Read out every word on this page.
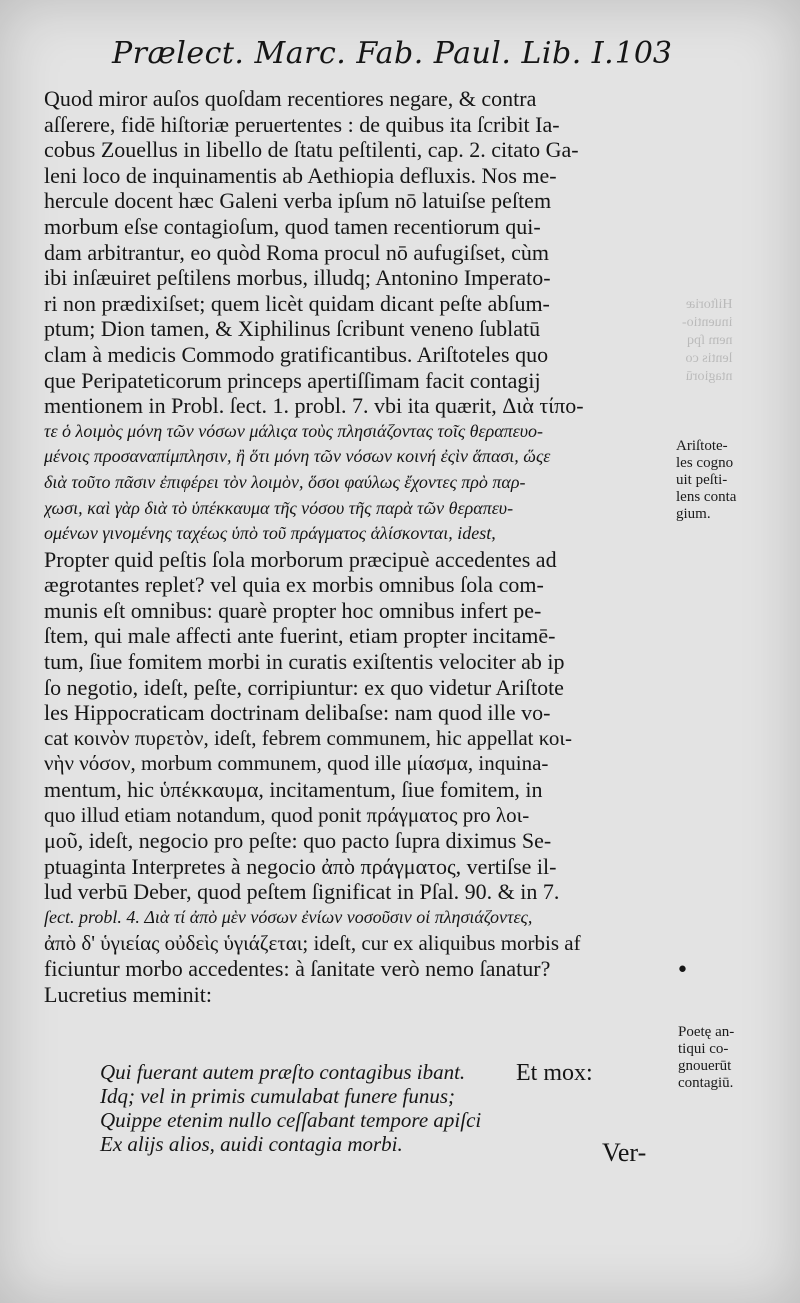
Prælect. Marc. Fab. Paul. Lib. I. 103
Quod miror auſos quoſdam recentiores negare, & contra
aſſerere, fidē hiſtoriæ peruertentes : de quibus ita ſcribit Ia-
cobus Zouellus in libello de ſtatu peſtilenti, cap. 2. citato Ga-
leni loco de inquinamentis ab Aethiopia defluxis. Nos me-
hercule docent hæc Galeni verba ipſum nō latuiſse peſtem
morbum eſse contagioſum, quod tamen recentiorum qui-
dam arbitrantur, eo quòd Roma procul nō aufugiſset, cùm
ibi inſæuiret peſtilens morbus, illudq; Antonino Imperato-
ri non prædixiſset; quem licèt quidam dicant peſte abſum-
ptum; Dion tamen, & Xiphilinus ſcribunt veneno ſublatū
clam à medicis Commodo gratificantibus. Ariſtoteles quo
que Peripateticorum princeps apertiſſimam facit contagij
mentionem in Probl. ſect. 1. probl. 7. vbi ita quærit, Διὰ τίπο-
τε ὁ λοιμὸς μόνη τῶν νόσων μάλιςα τοὺς πλησιάζοντας τοῖς θεραπευο-
μένοις προσαναπίμπλησιν, ἢ ὅτι μόνη τῶν νόσων κοινή ἐςὶν ἅπασι, ὥςε
διὰ τοῦτο πᾶσιν ἐπιφέρει τὸν λοιμὸν, ὅσοι φαύλως ἔχοντες πρὸ παρ-
χωσι, καὶ γὰρ διὰ τὸ ὑπέκκαυμα τῆς νόσου τῆς παρὰ τῶν θεραπευ-
ομένων γινομένης ταχέως ὑπὸ τοῦ πράγματος ἁλίσκονται, idest,
Propter quid peſtis ſola morborum præcipuè accedentes ad
ægrotantes replet? vel quia ex morbis omnibus ſola com-
munis eſt omnibus: quarè propter hoc omnibus infert pe-
ſtem, qui male affecti ante fuerint, etiam propter incitamē-
tum, ſiue fomitem morbi in curatis exiſtentis velociter ab ip
ſo negotio, ideſt, peſte, corripiuntur: ex quo videtur Ariſtote
les Hippocraticam doctrinam delibaſse: nam quod ille vo-
cat κοινὸν πυρετὸν, ideſt, febrem communem, hic appellat κοι-
νὴν νόσον, morbum communem, quod ille μίασμα, inquina-
mentum, hic ὑπέκκαυμα, incitamentum, ſiue fomitem, in
quo illud etiam notandum, quod ponit πράγματος pro λοι-
μοῦ, ideſt, negocio pro peſte: quo pacto ſupra diximus Se-
ptuaginta Interpretes à negocio ἀπὸ πράγματος, vertiſse il-
lud verbū Deber, quod peſtem ſignificat in Pſal. 90. & in 7.
ſect. probl. 4. Διὰ τί ἀπὸ μὲν νόσων ἐνίων νοσοῦσιν οἱ πλησιάζοντες,
ἀπὸ δ' ὑγιείας οὐδεὶς ὑγιάζεται; ideſt, cur ex aliquibus morbis af
ficiuntur morbo accedentes: à ſanitate verò nemo ſanatur?
Lucretius meminit:
Qui fuerant autem præſto contagibus ibant.
Idq; vel in primis cumulabat funere funus;
Quippe etenim nullo ceſſabant tempore apiſci
Ex alijs alios, auidi contagia morbi.
Et mox:
Ver-
Hiſtoriæ
inuentio-
nem ſpq
lentis co
ntagiorū
Ariſtote-
les cogno
uit peſti-
lens conta
gium.
•
Poetę an-
tiqui co-
gnouerūt
contagiū.
